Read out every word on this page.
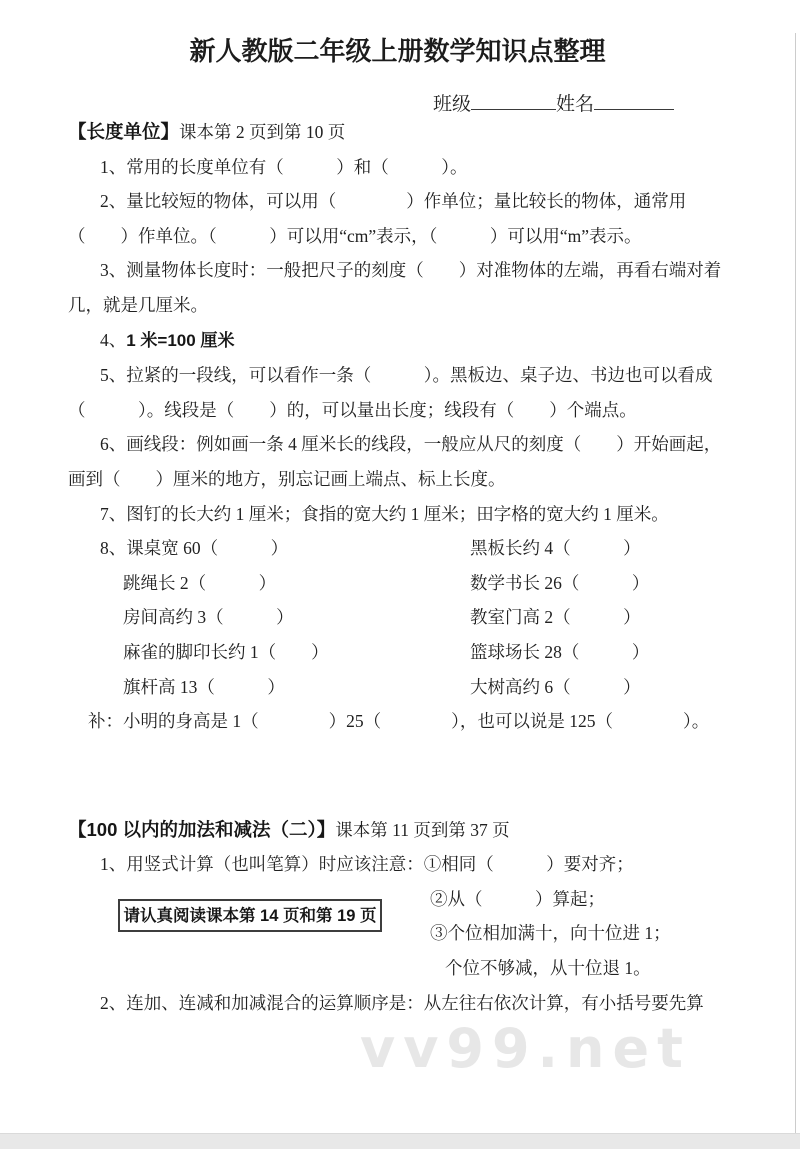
vv99.net
新人教版二年级上册数学知识点整理
班级	姓名

【长度单位】课本第 2 页到第 10 页

1、常用的长度单位有（　　　）和（　　　）。

2、量比较短的物体，可以用（　　　　）作单位；量比较长的物体，通常用（　　）作单位。（　　　）可以用“cm”表示，（　　　）可以用“m”表示。

3、测量物体长度时：一般把尺子的刻度（　　）对准物体的左端，再看右端对着几，就是几厘米。

4、1 米=100 厘米

5、拉紧的一段线，可以看作一条（　　　）。黑板边、桌子边、书边也可以看成（　　　）。线段是（　　）的，可以量出长度；线段有（　　）个端点。

6、画线段：例如画一条 4 厘米长的线段，一般应从尺的刻度（　　）开始画起，画到（　　）厘米的地方，别忘记画上端点、标上长度。

7、图钉的长大约 1 厘米；食指的宽大约 1 厘米；田字格的宽大约 1 厘米。

8、课桌宽 60（　　　）	黑板长约 4（　　　）

跳绳长 2（　　　）	数学书长 26（　　　）

房间高约 3（　　　）	教室门高 2（　　　）

麻雀的脚印长约 1（　　）	篮球场长 28（　　　）

旗杆高 13（　　　）	大树高约 6（　　　）

补：小明的身高是 1（　　　　）25（　　　　），也可以说是 125（　　　　）。

【100 以内的加法和减法（二）】课本第 11 页到第 37 页

1、用竖式计算（也叫笔算）时应该注意：①相同（　　　）要对齐；

②从（　　　）算起；

③个位相加满十，向十位进 1；

个位不够减，从十位退 1。

2、连加、连减和加减混合的运算顺序是：从左往右依次计算，有小括号要先算

请认真阅读课本第 14 页和第 19 页
